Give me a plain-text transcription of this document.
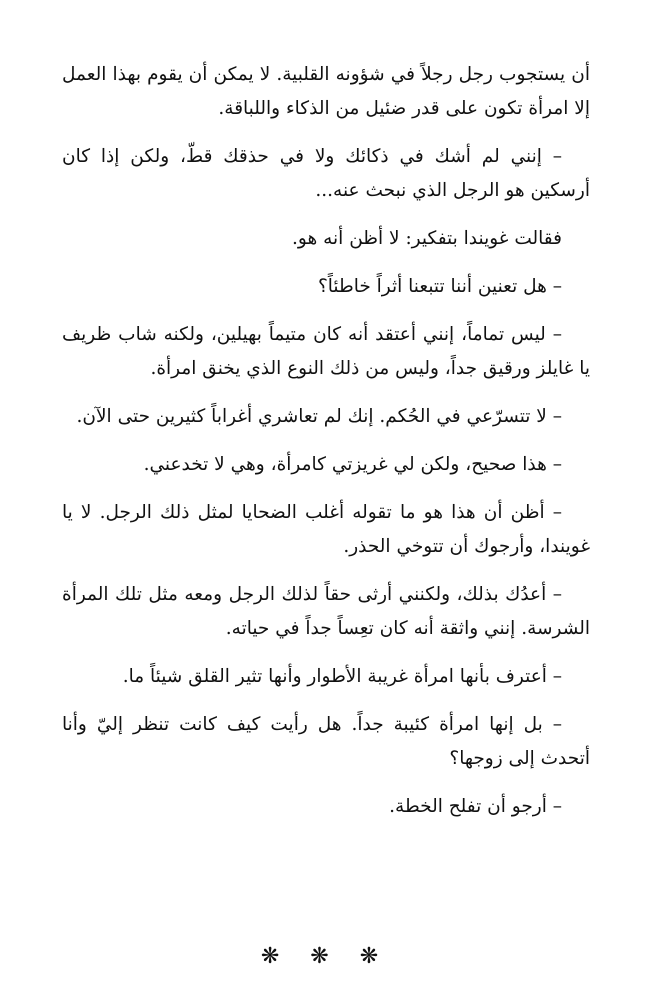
أن يستجوب رجل رجلاً في شؤونه القلبية. لا يمكن أن يقوم بهذا العمل إلا امرأة تكون على قدر ضئيل من الذكاء واللباقة.

– إنني لم أشك في ذكائك ولا في حذقك قطّ، ولكن إذا كان أرسكين هو الرجل الذي نبحث عنه...

فقالت غويندا بتفكير: لا أظن أنه هو.

– هل تعنين أننا تتبعنا أثراً خاطئاً؟

– ليس تماماً، إنني أعتقد أنه كان متيماً بهيلين، ولكنه شاب ظريف يا غايلز ورقيق جداً، وليس من ذلك النوع الذي يخنق امرأة.

– لا تتسرّعي في الحُكم. إنك لم تعاشري أغراباً كثيرين حتى الآن.

– هذا صحيح، ولكن لي غريزتي كامرأة، وهي لا تخدعني.

– أظن أن هذا هو ما تقوله أغلب الضحايا لمثل ذلك الرجل. لا يا غويندا، وأرجوك أن تتوخي الحذر.

– أعدُك بذلك، ولكنني أرثى حقاً لذلك الرجل ومعه مثل تلك المرأة الشرسة. إنني واثقة أنه كان تعِساً جداً في حياته.

– أعترف بأنها امرأة غريبة الأطوار وأنها تثير القلق شيئاً ما.

– بل إنها امرأة كئيبة جداً. هل رأيت كيف كانت تنظر إليّ وأنا أتحدث إلى زوجها؟

– أرجو أن تفلح الخطة.

❋ ❋ ❋
